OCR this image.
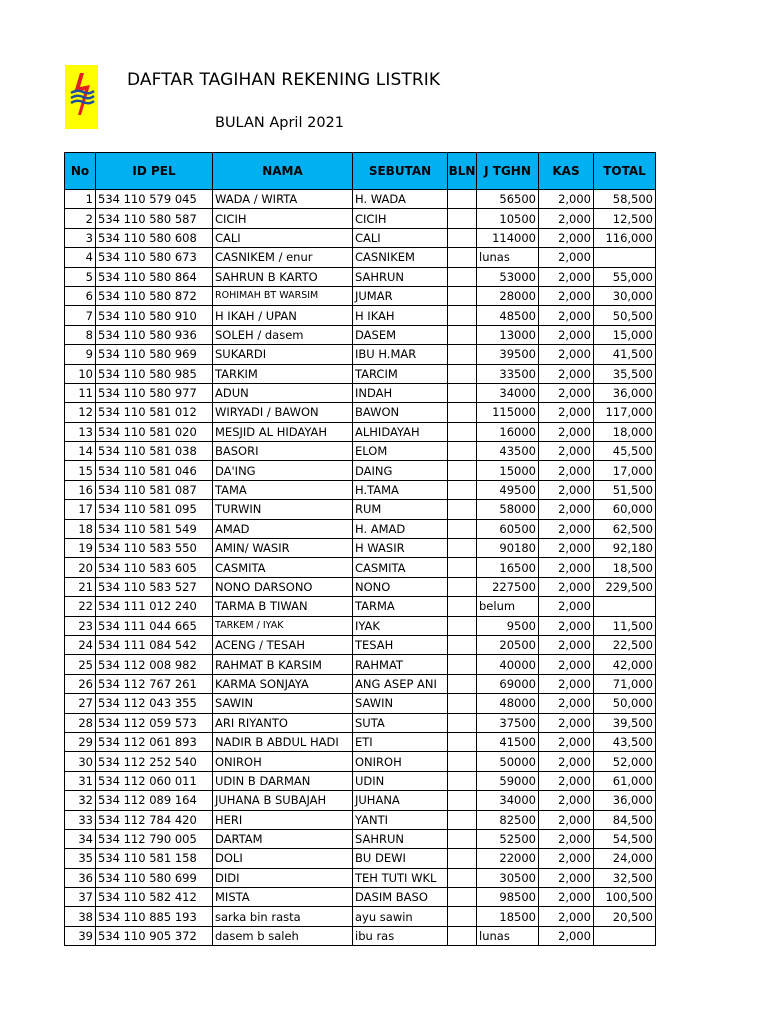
DAFTAR TAGIHAN REKENING LISTRIK
BULAN April 2021
No	ID PEL	NAMA	SEBUTAN	BLN	J TGHN	KAS	TOTAL
1	534 110 579 045	WADA / WIRTA	H. WADA		56500	2,000	58,500
2	534 110 580 587	CICIH	CICIH		10500	2,000	12,500
3	534 110 580 608	CALI	CALI		114000	2,000	116,000
4	534 110 580 673	CASNIKEM / enur	CASNIKEM		lunas	2,000	
5	534 110 580 864	SAHRUN B KARTO	SAHRUN		53000	2,000	55,000
6	534 110 580 872	ROHIMAH BT WARSIM	JUMAR		28000	2,000	30,000
7	534 110 580 910	H IKAH / UPAN	H IKAH		48500	2,000	50,500
8	534 110 580 936	SOLEH / dasem	DASEM		13000	2,000	15,000
9	534 110 580 969	SUKARDI	IBU H.MAR		39500	2,000	41,500
10	534 110 580 985	TARKIM	TARCIM		33500	2,000	35,500
11	534 110 580 977	ADUN	INDAH		34000	2,000	36,000
12	534 110 581 012	WIRYADI / BAWON	BAWON		115000	2,000	117,000
13	534 110 581 020	MESJID AL HIDAYAH	ALHIDAYAH		16000	2,000	18,000
14	534 110 581 038	BASORI	ELOM		43500	2,000	45,500
15	534 110 581 046	DA'ING	DAING		15000	2,000	17,000
16	534 110 581 087	TAMA	H.TAMA		49500	2,000	51,500
17	534 110 581 095	TURWIN	RUM		58000	2,000	60,000
18	534 110 581 549	AMAD	H. AMAD		60500	2,000	62,500
19	534 110 583 550	AMIN/ WASIR	H WASIR		90180	2,000	92,180
20	534 110 583 605	CASMITA	CASMITA		16500	2,000	18,500
21	534 110 583 527	NONO DARSONO	NONO		227500	2,000	229,500
22	534 111 012 240	TARMA B TIWAN	TARMA		belum	2,000	
23	534 111 044 665	TARKEM / IYAK	IYAK		9500	2,000	11,500
24	534 111 084 542	ACENG / TESAH	TESAH		20500	2,000	22,500
25	534 112 008 982	RAHMAT B KARSIM	RAHMAT		40000	2,000	42,000
26	534 112 767 261	KARMA SONJAYA	ANG ASEP ANI		69000	2,000	71,000
27	534 112 043 355	SAWIN	SAWIN		48000	2,000	50,000
28	534 112 059 573	ARI RIYANTO	SUTA		37500	2,000	39,500
29	534 112 061 893	NADIR B ABDUL HADI	ETI		41500	2,000	43,500
30	534 112 252 540	ONIROH	ONIROH		50000	2,000	52,000
31	534 112 060 011	UDIN B DARMAN	UDIN		59000	2,000	61,000
32	534 112 089 164	JUHANA B SUBAJAH	JUHANA		34000	2,000	36,000
33	534 112 784 420	HERI	YANTI		82500	2,000	84,500
34	534 112 790 005	DARTAM	SAHRUN		52500	2,000	54,500
35	534 110 581 158	DOLI	BU DEWI		22000	2,000	24,000
36	534 110 580 699	DIDI	TEH TUTI WKL		30500	2,000	32,500
37	534 110 582 412	MISTA	DASIM BASO		98500	2,000	100,500
38	534 110 885 193	sarka bin rasta	ayu sawin		18500	2,000	20,500
39	534 110 905 372	dasem b saleh	ibu ras		lunas	2,000	
